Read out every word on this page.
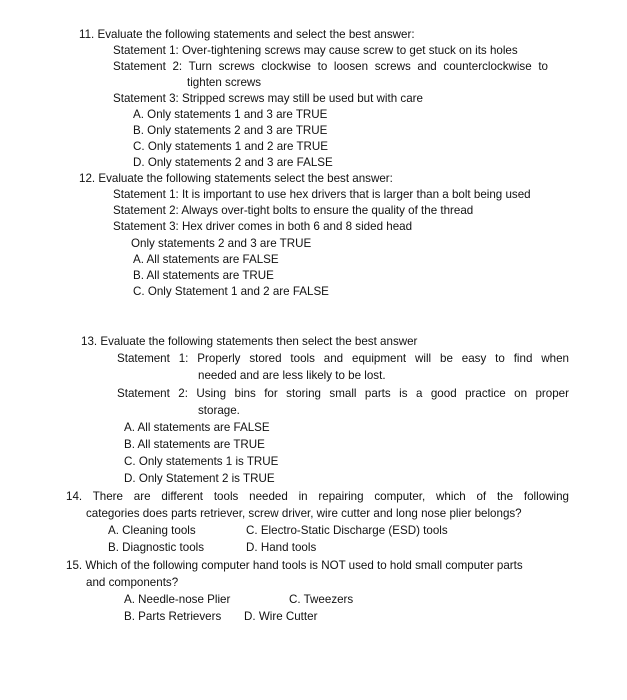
11. Evaluate the following statements and select the best answer:
Statement 1: Over-tightening screws may cause screw to get stuck on its holes
Statement 2: Turn screws clockwise to loosen screws and counterclockwise to
tighten screws
Statement 3: Stripped screws may still be used but with care
A. Only statements 1 and 3 are TRUE
B. Only statements 2 and 3 are TRUE
C. Only statements 1 and 2 are TRUE
D. Only statements 2 and 3 are FALSE
12. Evaluate the following statements select the best answer:
Statement 1: It is important to use hex drivers that is larger than a bolt being used
Statement 2: Always over-tight bolts to ensure the quality of the thread
Statement 3: Hex driver comes in both 6 and 8 sided head
Only statements 2 and 3 are TRUE
A. All statements are FALSE
B. All statements are TRUE
C. Only Statement 1 and 2 are FALSE
13. Evaluate the following statements then select the best answer
Statement 1: Properly stored tools and equipment will be easy to find when
needed and are less likely to be lost.
Statement 2: Using bins for storing small parts is a good practice on proper
storage.
A. All statements are FALSE
B. All statements are TRUE
C. Only statements 1 is TRUE
D. Only Statement 2 is TRUE
14. There are different tools needed in repairing computer, which of the following
categories does parts retriever, screw driver, wire cutter and long nose plier belongs?
A. Cleaning tools	C. Electro-Static Discharge (ESD) tools
B. Diagnostic tools	D. Hand tools
15. Which of the following computer hand tools is NOT used to hold small computer parts
and components?
A. Needle-nose Plier	C. Tweezers
B. Parts Retrievers D. Wire Cutter
